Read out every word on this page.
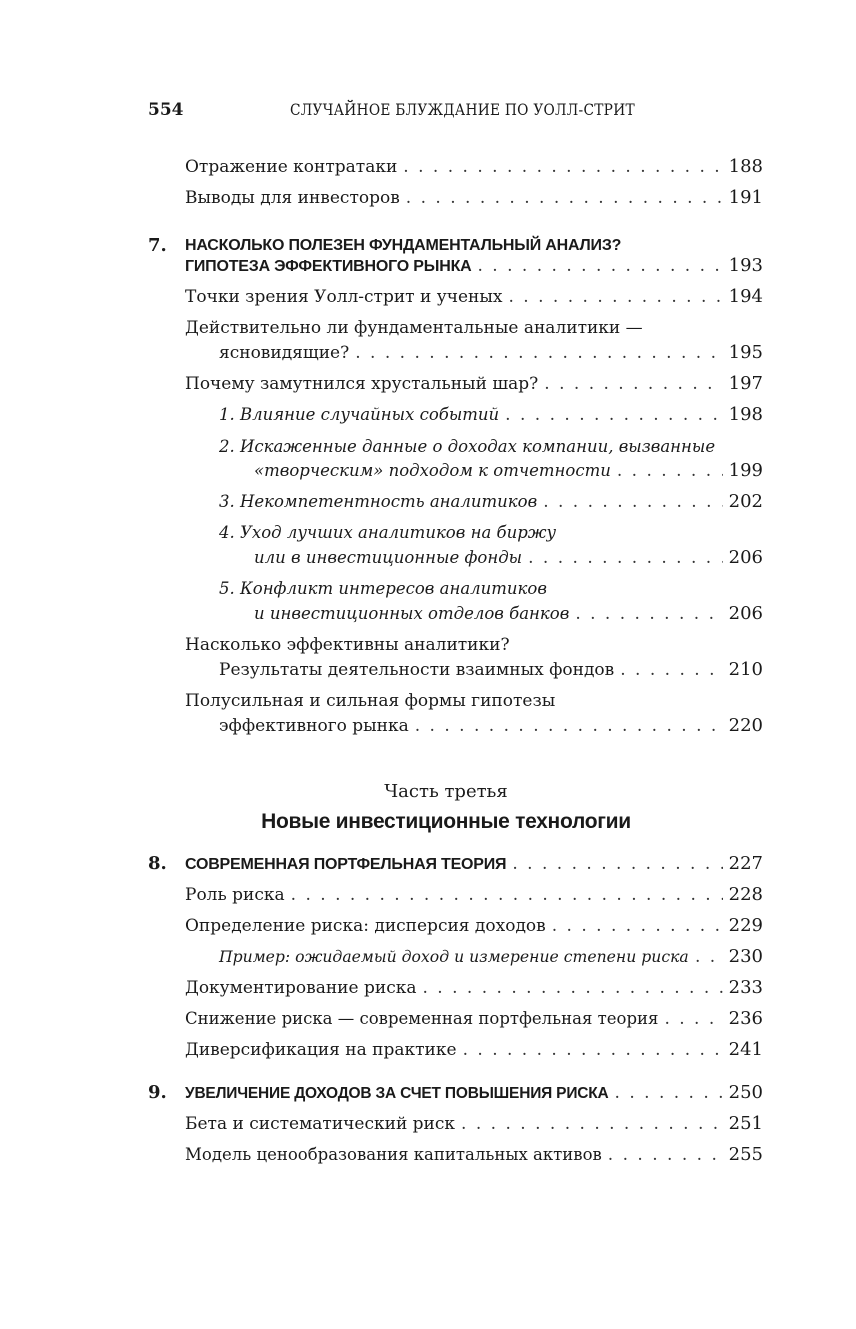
554	СЛУЧАЙНОЕ БЛУЖДАНИЕ ПО УОЛЛ-СТРИТ
Отражение контратаки . . .	188
Выводы для инвесторов . . .	191
7. НАСКОЛЬКО ПОЛЕЗЕН ФУНДАМЕНТАЛЬНЫЙ АНАЛИЗ?
ГИПОТЕЗА ЭФФЕКТИВНОГО РЫНКА . . .	193
Точки зрения Уолл-стрит и ученых . . .	194
Действительно ли фундаментальные аналитики —
ясновидящие? . . .	195
Почему замутнился хрустальный шар? . . .	197
1. Влияние случайных событий . . .	198
2. Искаженные данные о доходах компании, вызванные
«творческим» подходом к отчетности . . .	199
3. Некомпетентность аналитиков . . .	202
4. Уход лучших аналитиков на биржу
или в инвестиционные фонды . . .	206
5. Конфликт интересов аналитиков
и инвестиционных отделов банков . . .	206
Насколько эффективны аналитики?
Результаты деятельности взаимных фондов . . .	210
Полусильная и сильная формы гипотезы
эффективного рынка . . .	220
Часть третья
Новые инвестиционные технологии
8. СОВРЕМЕННАЯ ПОРТФЕЛЬНАЯ ТЕОРИЯ . . .	227
Роль риска . . .	228
Определение риска: дисперсия доходов . . .	229
Пример: ожидаемый доход и измерение степени риска . . . 230
Документирование риска . . .	233
Снижение риска — современная портфельная теория . . .	236
Диверсификация на практике . . .	241
9. УВЕЛИЧЕНИЕ ДОХОДОВ ЗА СЧЕТ ПОВЫШЕНИЯ РИСКА . . .	250
Бета и систематический риск . . .	251
Модель ценообразования капитальных активов . . .	255
